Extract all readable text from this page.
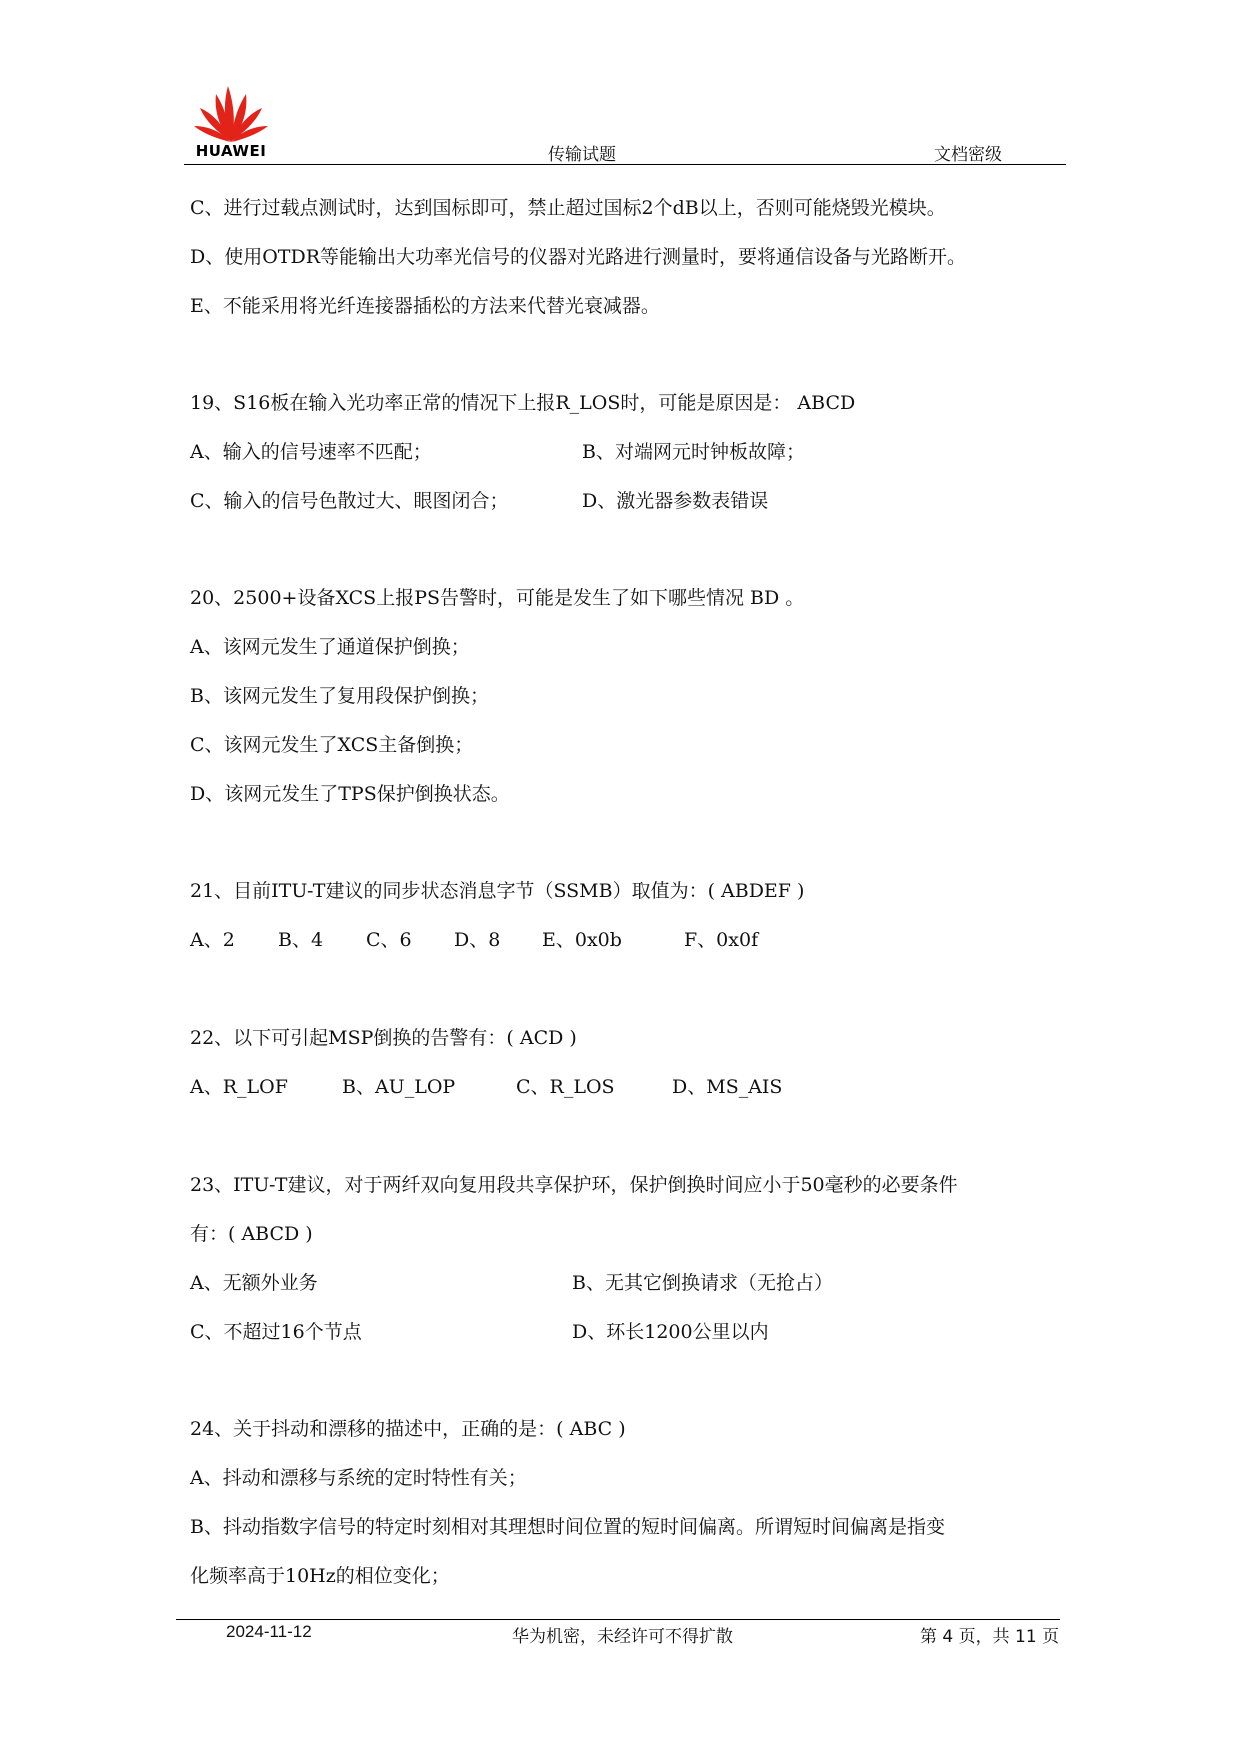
HUAWEI	传输试题	文档密级
C、进行过载点测试时，达到国标即可，禁止超过国标2个dB以上，否则可能烧毁光模块。
D、使用OTDR等能输出大功率光信号的仪器对光路进行测量时，要将通信设备与光路断开。
E、不能采用将光纤连接器插松的方法来代替光衰减器。
19、S16板在输入光功率正常的情况下上报R_LOS时，可能是原因是： ABCD
A、输入的信号速率不匹配；	B、对端网元时钟板故障；
C、输入的信号色散过大、眼图闭合；	D、激光器参数表错误
20、2500+设备XCS上报PS告警时，可能是发生了如下哪些情况 BD 。
A、该网元发生了通道保护倒换；
B、该网元发生了复用段保护倒换；
C、该网元发生了XCS主备倒换；
D、该网元发生了TPS保护倒换状态。
21、目前ITU-T建议的同步状态消息字节（SSMB）取值为：( ABDEF )
A、2 B、4 C、6 D、8 E、0x0b	F、0x0f
22、以下可引起MSP倒换的告警有：( ACD )
A、R_LOF	B、AU_LOP	C、R_LOS	D、MS_AIS
23、ITU-T建议，对于两纤双向复用段共享保护环，保护倒换时间应小于50毫秒的必要条件
有：( ABCD )
A、无额外业务	B、无其它倒换请求（无抢占）
C、不超过16个节点	D、环长1200公里以内
24、关于抖动和漂移的描述中，正确的是：( ABC )
A、抖动和漂移与系统的定时特性有关；
B、抖动指数字信号的特定时刻相对其理想时间位置的短时间偏离。所谓短时间偏离是指变
化频率高于10Hz的相位变化；
2024-11-12	华为机密，未经许可不得扩散	第 4 页，共 11 页
